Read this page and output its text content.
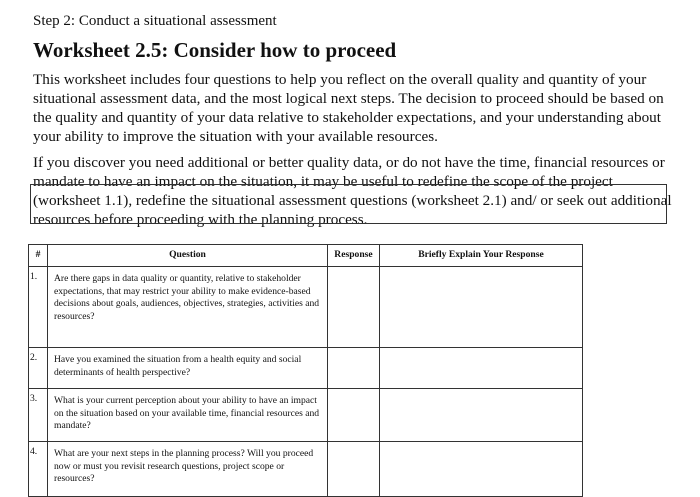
Step 2: Conduct a situational assessment
Worksheet 2.5: Consider how to proceed

This worksheet includes four questions to help you reflect on the overall quality and quantity of your situational assessment data, and the most logical next steps. The decision to proceed should be based on the quality and quantity of your data relative to stakeholder expectations, and your understanding about your ability to improve the situation with your available resources.

If you discover you need additional or better quality data, or do not have the time, financial resources or mandate to have an impact on the situation, it may be useful to redefine the scope of the project (worksheet 1.1), redefine the situational assessment questions (worksheet 2.1) and/ or seek out additional resources before proceeding with the planning process.

#	Question	Response	Briefly Explain Your Response
1.	Are there gaps in data quality or quantity, relative to stakeholder expectations, that may restrict your ability to make evidence-based decisions about goals, audiences, objectives, strategies, activities and resources?		
2.	Have you examined the situation from a health equity and social determinants of health perspective?		
3.	What is your current perception about your ability to have an impact on the situation based on your available time, financial resources and mandate?		
4.	What are your next steps in the planning process? Will you proceed now or must you revisit research questions, project scope or resources?		
